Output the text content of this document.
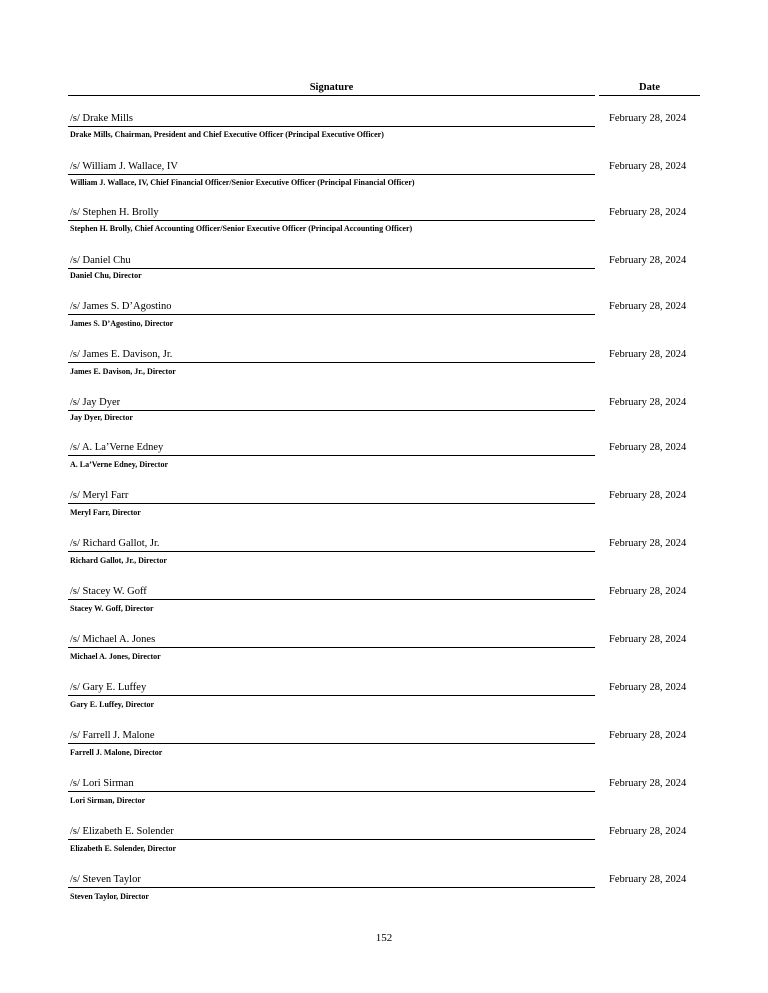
Signature	Date
/s/ Drake Mills	February 28, 2024
Drake Mills, Chairman, President and Chief Executive Officer (Principal Executive Officer)
/s/ William J. Wallace, IV	February 28, 2024
William J. Wallace, IV, Chief Financial Officer/Senior Executive Officer (Principal Financial Officer)
/s/ Stephen H. Brolly	February 28, 2024
Stephen H. Brolly, Chief Accounting Officer/Senior Executive Officer (Principal Accounting Officer)
/s/ Daniel Chu	February 28, 2024
Daniel Chu, Director
/s/ James S. D’Agostino	February 28, 2024
James S. D’Agostino, Director
/s/ James E. Davison, Jr.	February 28, 2024
James E. Davison, Jr., Director
/s/ Jay Dyer	February 28, 2024
Jay Dyer, Director
/s/ A. La’Verne Edney	February 28, 2024
A. La’Verne Edney, Director
/s/ Meryl Farr	February 28, 2024
Meryl Farr, Director
/s/ Richard Gallot, Jr.	February 28, 2024
Richard Gallot, Jr., Director
/s/ Stacey W. Goff	February 28, 2024
Stacey W. Goff, Director
/s/ Michael A. Jones	February 28, 2024
Michael A. Jones, Director
/s/ Gary E. Luffey	February 28, 2024
Gary E. Luffey, Director
/s/ Farrell J. Malone	February 28, 2024
Farrell J. Malone, Director
/s/ Lori Sirman	February 28, 2024
Lori Sirman, Director
/s/ Elizabeth E. Solender	February 28, 2024
Elizabeth E. Solender, Director
/s/ Steven Taylor	February 28, 2024
Steven Taylor, Director
152
